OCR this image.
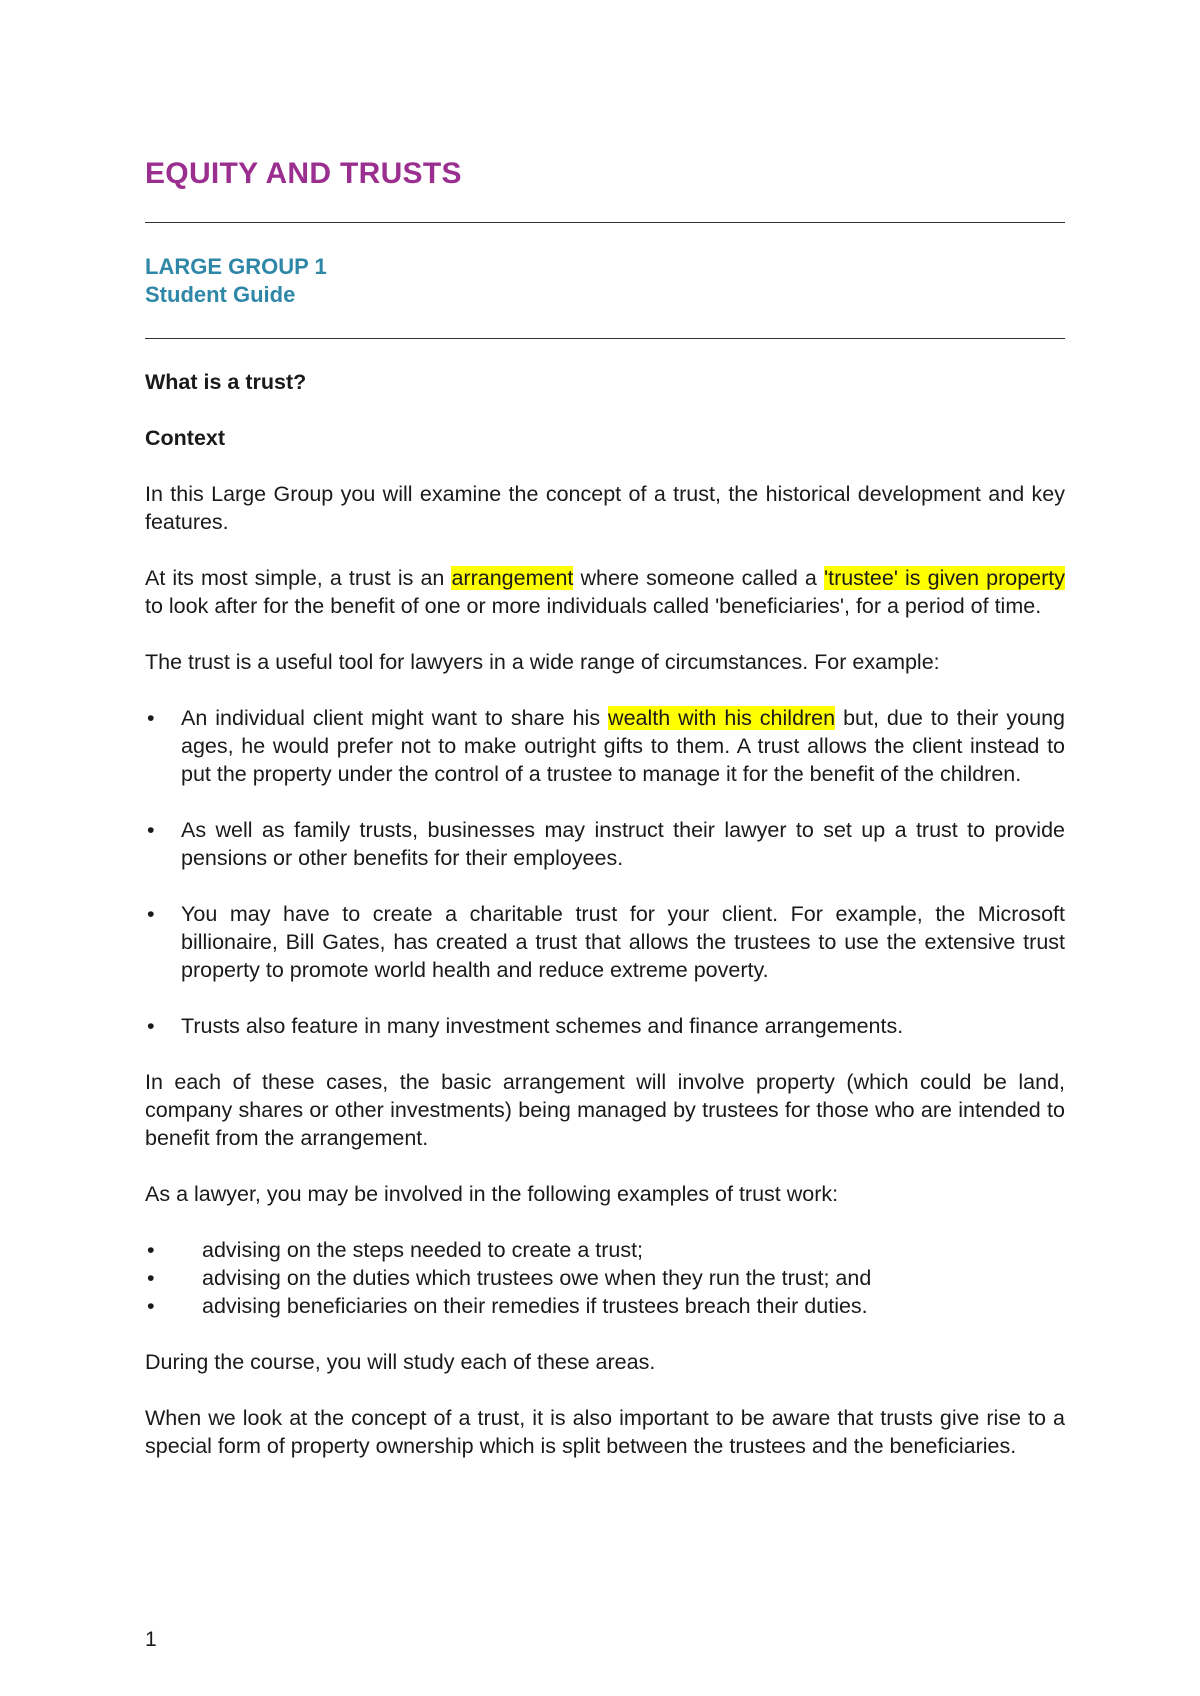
EQUITY AND TRUSTS
LARGE GROUP 1
Student Guide
What is a trust?
Context

In this Large Group you will examine the concept of a trust, the historical development and key features.

At its most simple, a trust is an arrangement where someone called a 'trustee' is given property to look after for the benefit of one or more individuals called 'beneficiaries', for a period of time.

The trust is a useful tool for lawyers in a wide range of circumstances. For example:

• An individual client might want to share his wealth with his children but, due to their young ages, he would prefer not to make outright gifts to them. A trust allows the client instead to put the property under the control of a trustee to manage it for the benefit of the children.
• As well as family trusts, businesses may instruct their lawyer to set up a trust to provide pensions or other benefits for their employees.
• You may have to create a charitable trust for your client. For example, the Microsoft billionaire, Bill Gates, has created a trust that allows the trustees to use the extensive trust property to promote world health and reduce extreme poverty.
• Trusts also feature in many investment schemes and finance arrangements.

In each of these cases, the basic arrangement will involve property (which could be land, company shares or other investments) being managed by trustees for those who are intended to benefit from the arrangement.

As a lawyer, you may be involved in the following examples of trust work:

• advising on the steps needed to create a trust;
• advising on the duties which trustees owe when they run the trust; and
• advising beneficiaries on their remedies if trustees breach their duties.

During the course, you will study each of these areas.

When we look at the concept of a trust, it is also important to be aware that trusts give rise to a special form of property ownership which is split between the trustees and the beneficiaries.

1
